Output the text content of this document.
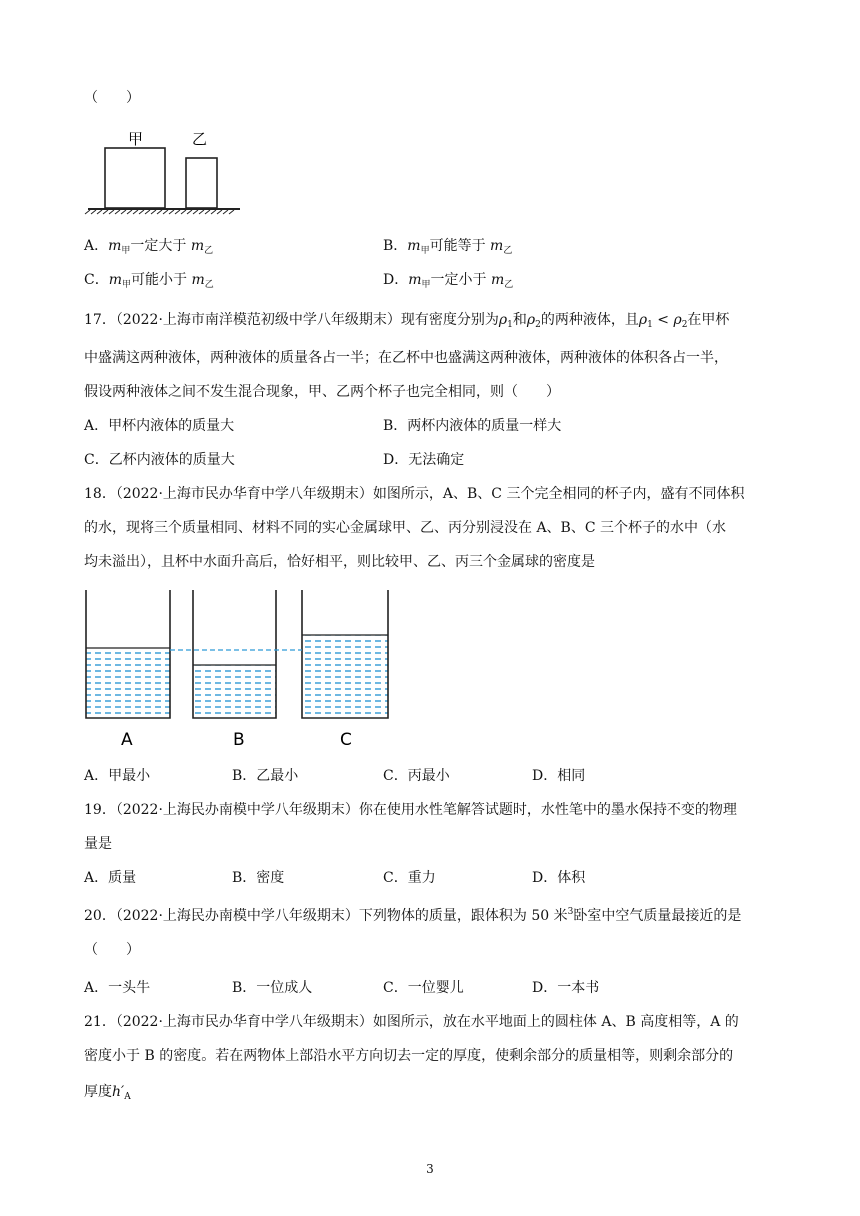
（　　）
甲	乙
A．$m_甲$一定大于 $m_乙$	B．$m_甲$可能等于 $m_乙$
C．$m_甲$可能小于 $m_乙$	D．$m_甲$一定小于 $m_乙$
17．（2022·上海市南洋模范初级中学八年级期末）现有密度分别为$\rho_1$和$\rho_2$的两种液体，且$\rho_1 < \rho_2$在甲杯
中盛满这两种液体，两种液体的质量各占一半；在乙杯中也盛满这两种液体，两种液体的体积各占一半，
假设两种液体之间不发生混合现象，甲、乙两个杯子也完全相同，则（　　）
A．甲杯内液体的质量大	B．两杯内液体的质量一样大
C．乙杯内液体的质量大	D．无法确定
18．（2022·上海市民办华育中学八年级期末）如图所示，A、B、C 三个完全相同的杯子内，盛有不同体积
的水，现将三个质量相同、材料不同的实心金属球甲、乙、丙分别浸没在 A、B、C 三个杯子的水中（水
均未溢出），且杯中水面升高后，恰好相平，则比较甲、乙、丙三个金属球的密度是
A	B	C
A．甲最小	B．乙最小	C．丙最小	D．相同
19．（2022·上海民办南模中学八年级期末）你在使用水性笔解答试题时，水性笔中的墨水保持不变的物理
量是
A．质量	B．密度	C．重力	D．体积
20．（2022·上海民办南模中学八年级期末）下列物体的质量，跟体积为 50 米$^3$卧室中空气质量最接近的是
（　　）
A．一头牛	B．一位成人	C．一位婴儿	D．一本书
21．（2022·上海市民办华育中学八年级期末）如图所示，放在水平地面上的圆柱体 A、B 高度相等，A 的
密度小于 B 的密度。若在两物体上部沿水平方向切去一定的厚度，使剩余部分的质量相等，则剩余部分的
厚度$h'_A$
3
